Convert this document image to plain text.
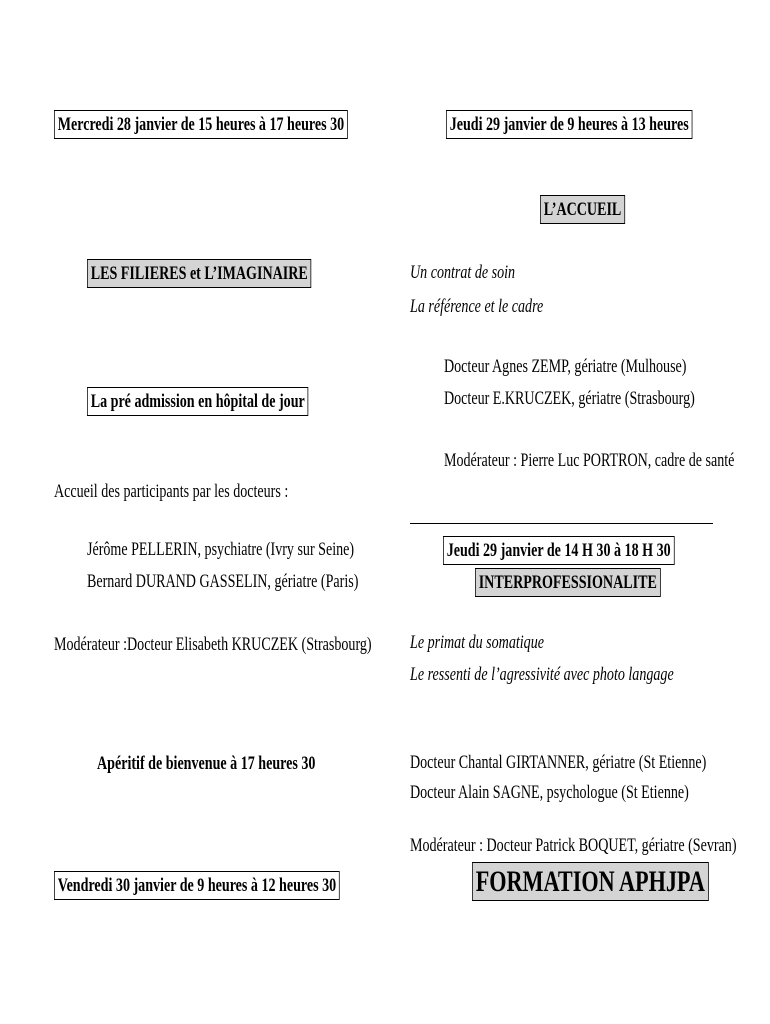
Mercredi 28 janvier de 15 heures à 17 heures 30
LES FILIERES et L’IMAGINAIRE
La pré admission en hôpital de jour
Accueil des participants par les docteurs :
Jérôme PELLERIN, psychiatre (Ivry sur Seine)
Bernard DURAND GASSELIN, gériatre (Paris)
Modérateur :Docteur Elisabeth KRUCZEK (Strasbourg)
Apéritif de bienvenue à 17 heures 30
Vendredi 30 janvier de 9 heures à 12 heures 30
Jeudi 29 janvier de 9 heures à 13 heures
L’ACCUEIL
Un contrat de soin
La référence et le cadre
Docteur Agnes ZEMP, gériatre (Mulhouse)
Docteur E.KRUCZEK, gériatre (Strasbourg)
Modérateur : Pierre Luc PORTRON, cadre de santé
Jeudi 29 janvier de 14 H 30 à 18 H 30
INTERPROFESSIONALITE
Le primat du somatique
Le ressenti de l’agressivité avec photo langage
Docteur Chantal GIRTANNER, gériatre (St Etienne)
Docteur Alain SAGNE, psychologue (St Etienne)
Modérateur : Docteur Patrick BOQUET, gériatre (Sevran)
FORMATION APHJPA
